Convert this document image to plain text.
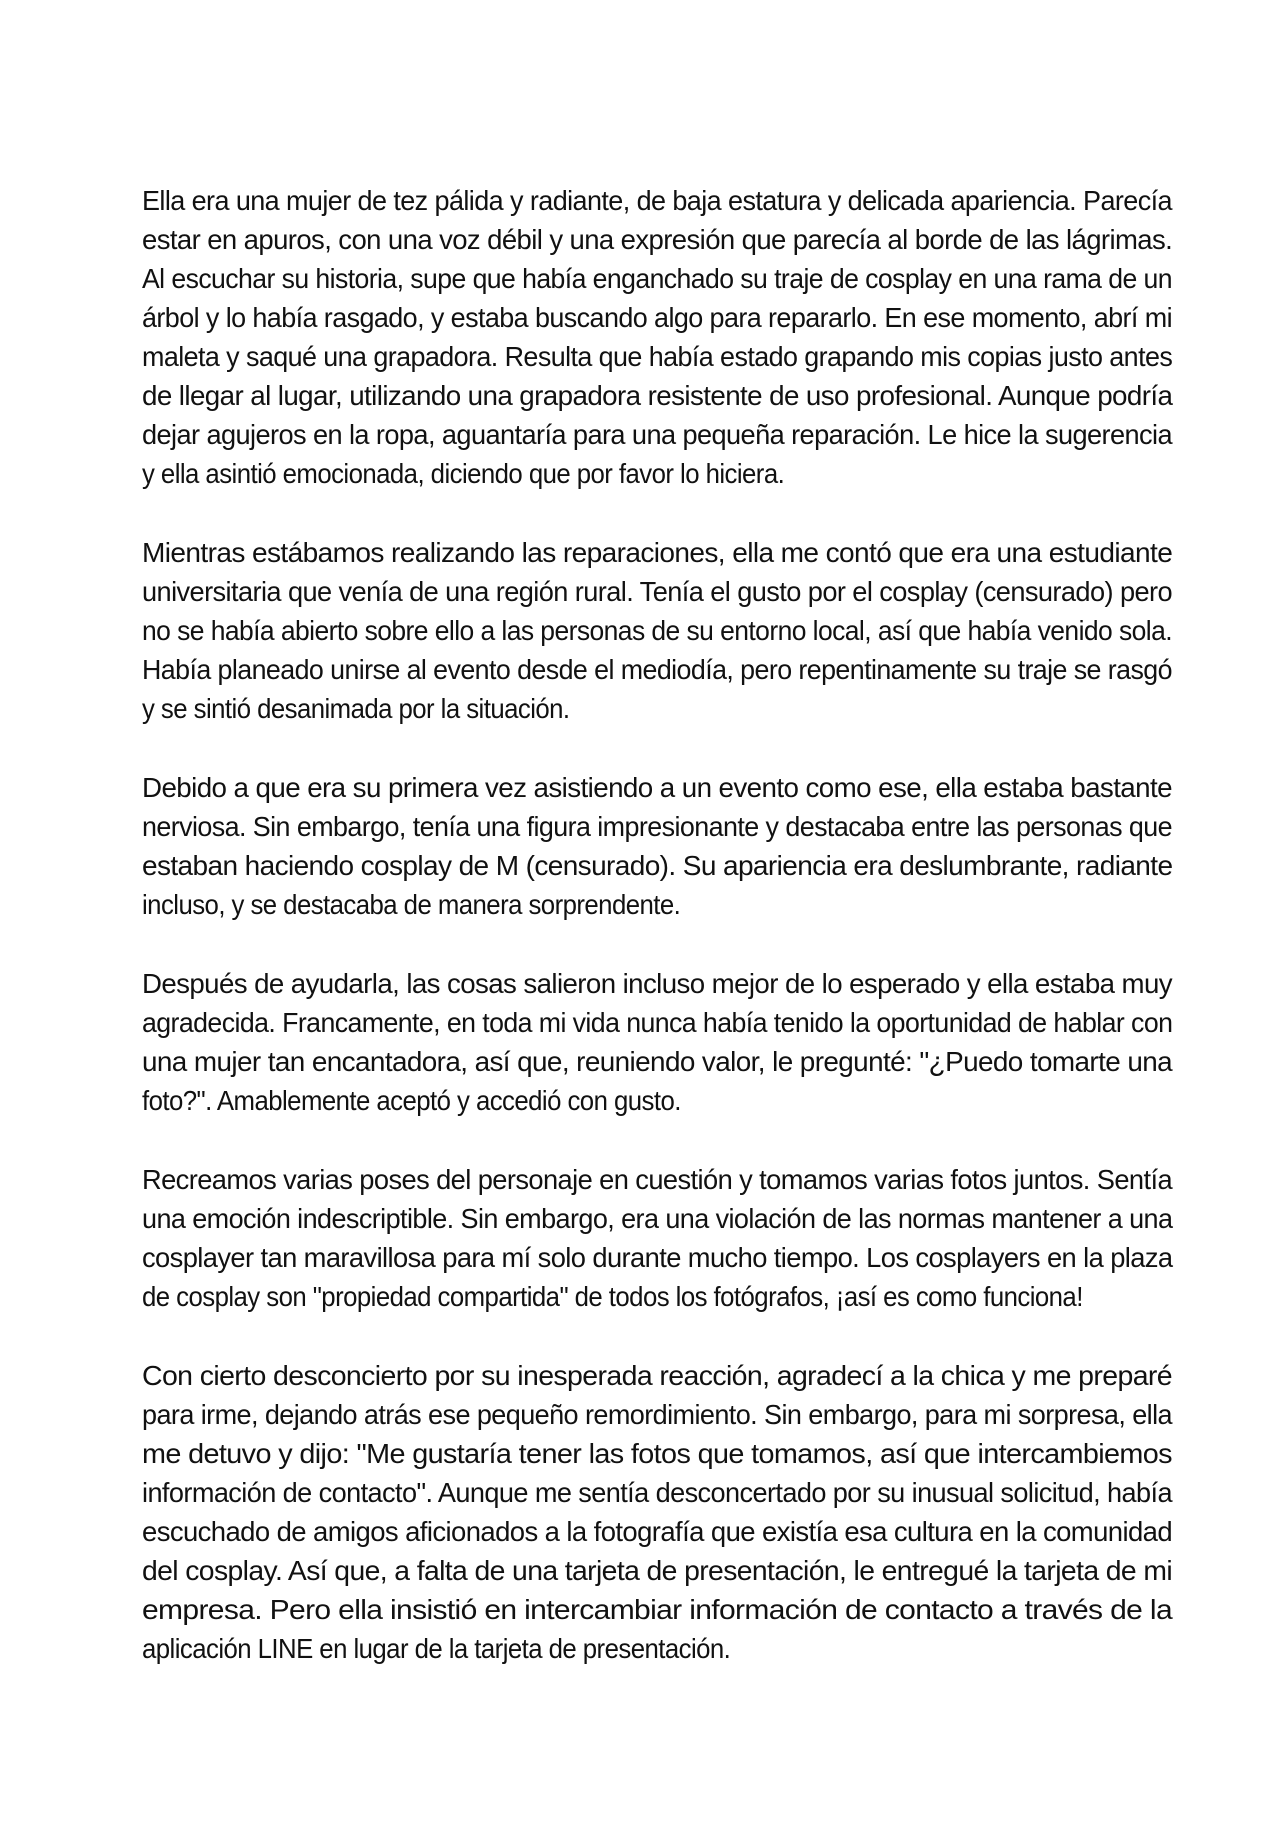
Ella era una mujer de tez pálida y radiante, de baja estatura y delicada apariencia. Parecía
estar en apuros, con una voz débil y una expresión que parecía al borde de las lágrimas.
Al escuchar su historia, supe que había enganchado su traje de cosplay en una rama de un
árbol y lo había rasgado, y estaba buscando algo para repararlo. En ese momento, abrí mi
maleta y saqué una grapadora. Resulta que había estado grapando mis copias justo antes
de llegar al lugar, utilizando una grapadora resistente de uso profesional. Aunque podría
dejar agujeros en la ropa, aguantaría para una pequeña reparación. Le hice la sugerencia
y ella asintió emocionada, diciendo que por favor lo hiciera.
Mientras estábamos realizando las reparaciones, ella me contó que era una estudiante
universitaria que venía de una región rural. Tenía el gusto por el cosplay (censurado) pero
no se había abierto sobre ello a las personas de su entorno local, así que había venido sola.
Había planeado unirse al evento desde el mediodía, pero repentinamente su traje se rasgó
y se sintió desanimada por la situación.
Debido a que era su primera vez asistiendo a un evento como ese, ella estaba bastante
nerviosa. Sin embargo, tenía una figura impresionante y destacaba entre las personas que
estaban haciendo cosplay de M (censurado). Su apariencia era deslumbrante, radiante
incluso, y se destacaba de manera sorprendente.
Después de ayudarla, las cosas salieron incluso mejor de lo esperado y ella estaba muy
agradecida. Francamente, en toda mi vida nunca había tenido la oportunidad de hablar con
una mujer tan encantadora, así que, reuniendo valor, le pregunté: "¿Puedo tomarte una
foto?". Amablemente aceptó y accedió con gusto.
Recreamos varias poses del personaje en cuestión y tomamos varias fotos juntos. Sentía
una emoción indescriptible. Sin embargo, era una violación de las normas mantener a una
cosplayer tan maravillosa para mí solo durante mucho tiempo. Los cosplayers en la plaza
de cosplay son "propiedad compartida" de todos los fotógrafos, ¡así es como funciona!
Con cierto desconcierto por su inesperada reacción, agradecí a la chica y me preparé
para irme, dejando atrás ese pequeño remordimiento. Sin embargo, para mi sorpresa, ella
me detuvo y dijo: "Me gustaría tener las fotos que tomamos, así que intercambiemos
información de contacto". Aunque me sentía desconcertado por su inusual solicitud, había
escuchado de amigos aficionados a la fotografía que existía esa cultura en la comunidad
del cosplay. Así que, a falta de una tarjeta de presentación, le entregué la tarjeta de mi
empresa. Pero ella insistió en intercambiar información de contacto a través de la
aplicación LINE en lugar de la tarjeta de presentación.
